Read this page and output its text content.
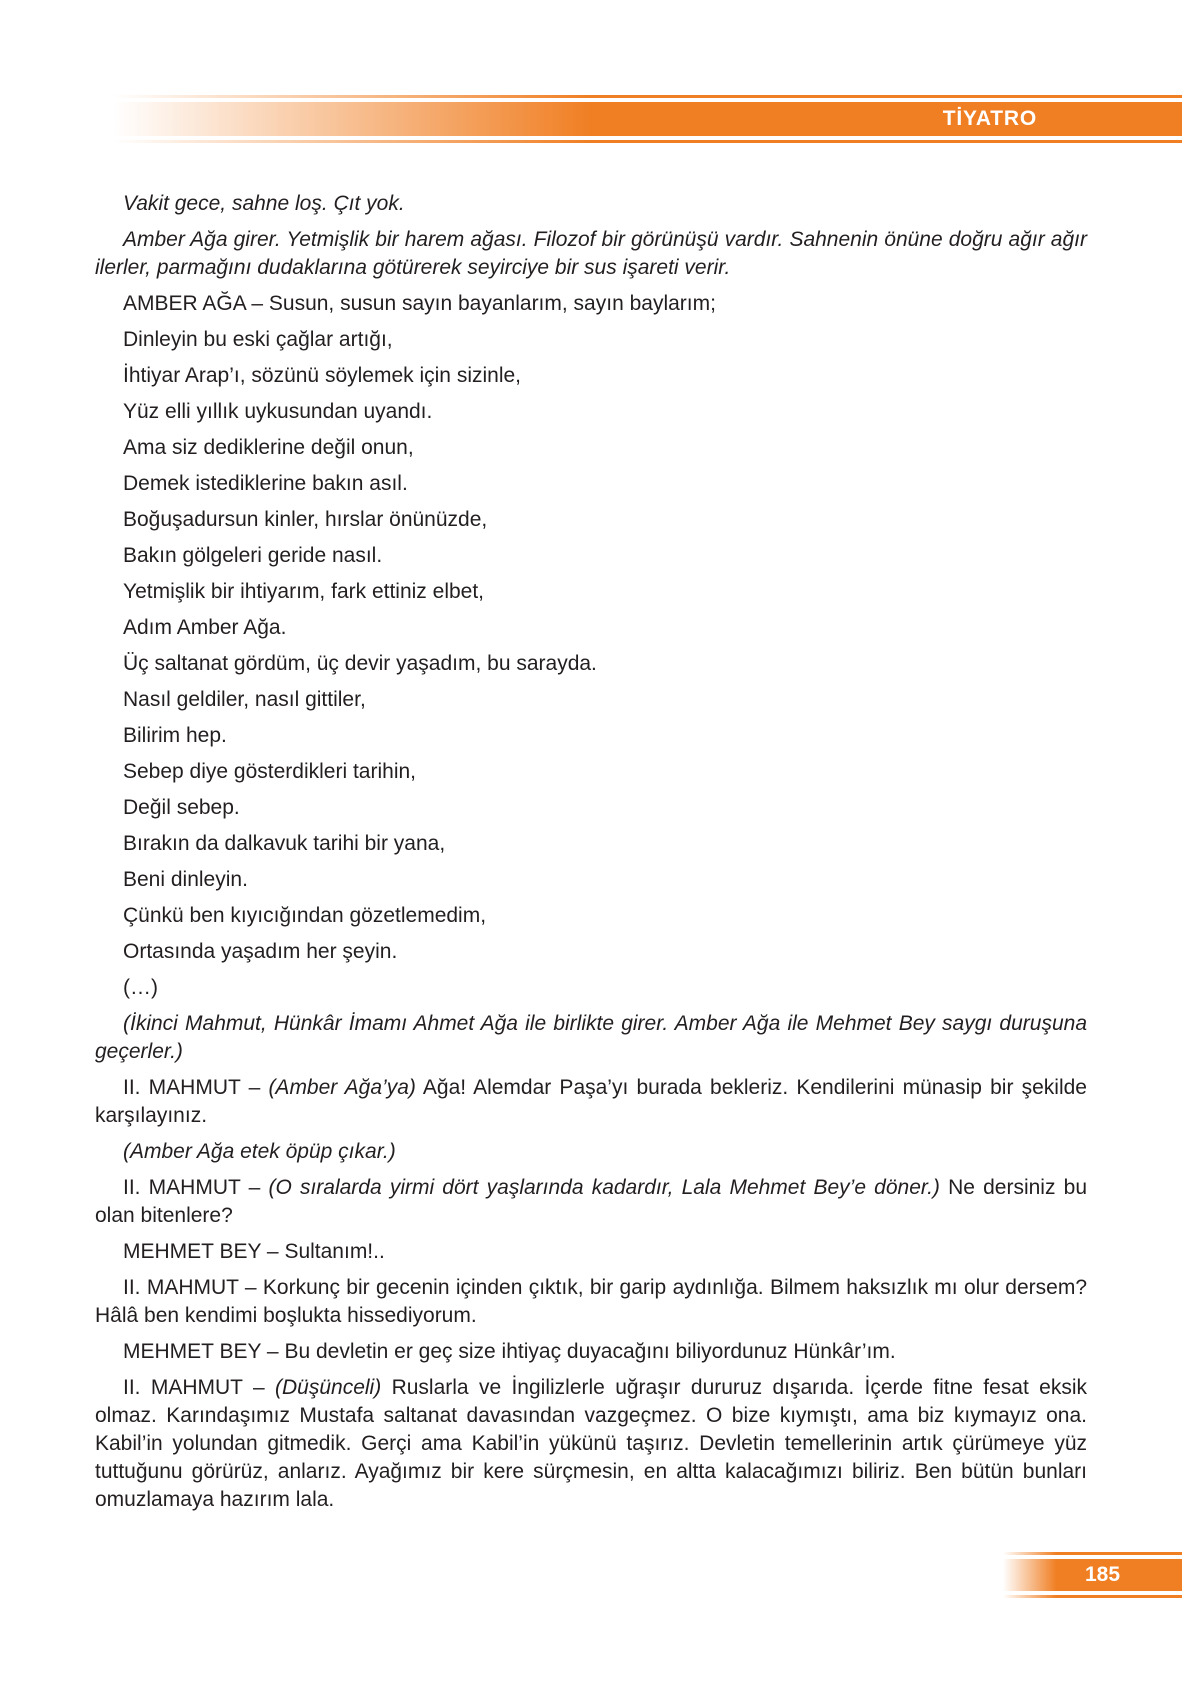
TİYATRO

Vakit gece, sahne loş. Çıt yok.

Amber Ağa girer. Yetmişlik bir harem ağası. Filozof bir görünüşü vardır. Sahnenin önüne doğru ağır ağır ilerler, parmağını dudaklarına götürerek seyirciye bir sus işareti verir.

AMBER AĞA – Susun, susun sayın bayanlarım, sayın baylarım;

Dinleyin bu eski çağlar artığı,

İhtiyar Arap’ı, sözünü söylemek için sizinle,

Yüz elli yıllık uykusundan uyandı.

Ama siz dediklerine değil onun,

Demek istediklerine bakın asıl.

Boğuşadursun kinler, hırslar önünüzde,

Bakın gölgeleri geride nasıl.

Yetmişlik bir ihtiyarım, fark ettiniz elbet,

Adım Amber Ağa.

Üç saltanat gördüm, üç devir yaşadım, bu sarayda.

Nasıl geldiler, nasıl gittiler,

Bilirim hep.

Sebep diye gösterdikleri tarihin,

Değil sebep.

Bırakın da dalkavuk tarihi bir yana,

Beni dinleyin.

Çünkü ben kıyıcığından gözetlemedim,

Ortasında yaşadım her şeyin.

(…)

(İkinci Mahmut, Hünkâr İmamı Ahmet Ağa ile birlikte girer. Amber Ağa ile Mehmet Bey saygı duruşuna geçerler.)

II. MAHMUT – (Amber Ağa’ya) Ağa! Alemdar Paşa’yı burada bekleriz. Kendilerini münasip bir şekilde karşılayınız.

(Amber Ağa etek öpüp çıkar.)

II. MAHMUT – (O sıralarda yirmi dört yaşlarında kadardır, Lala Mehmet Bey’e döner.) Ne dersiniz bu olan bitenlere?

MEHMET BEY – Sultanım!..

II. MAHMUT – Korkunç bir gecenin içinden çıktık, bir garip aydınlığa. Bilmem haksızlık mı olur dersem? Hâlâ ben kendimi boşlukta hissediyorum.

MEHMET BEY – Bu devletin er geç size ihtiyaç duyacağını biliyordunuz Hünkâr’ım.

II. MAHMUT – (Düşünceli) Ruslarla ve İngilizlerle uğraşır dururuz dışarıda. İçerde fitne fesat eksik olmaz. Karındaşımız Mustafa saltanat davasından vazgeçmez. O bize kıymıştı, ama biz kıymayız ona. Kabil’in yolundan gitmedik. Gerçi ama Kabil’in yükünü taşırız. Devletin temellerinin artık çürümeye yüz tuttuğunu görürüz, anlarız. Ayağımız bir kere sürçmesin, en altta kalacağımızı biliriz. Ben bütün bunları omuzlamaya hazırım lala.

185
